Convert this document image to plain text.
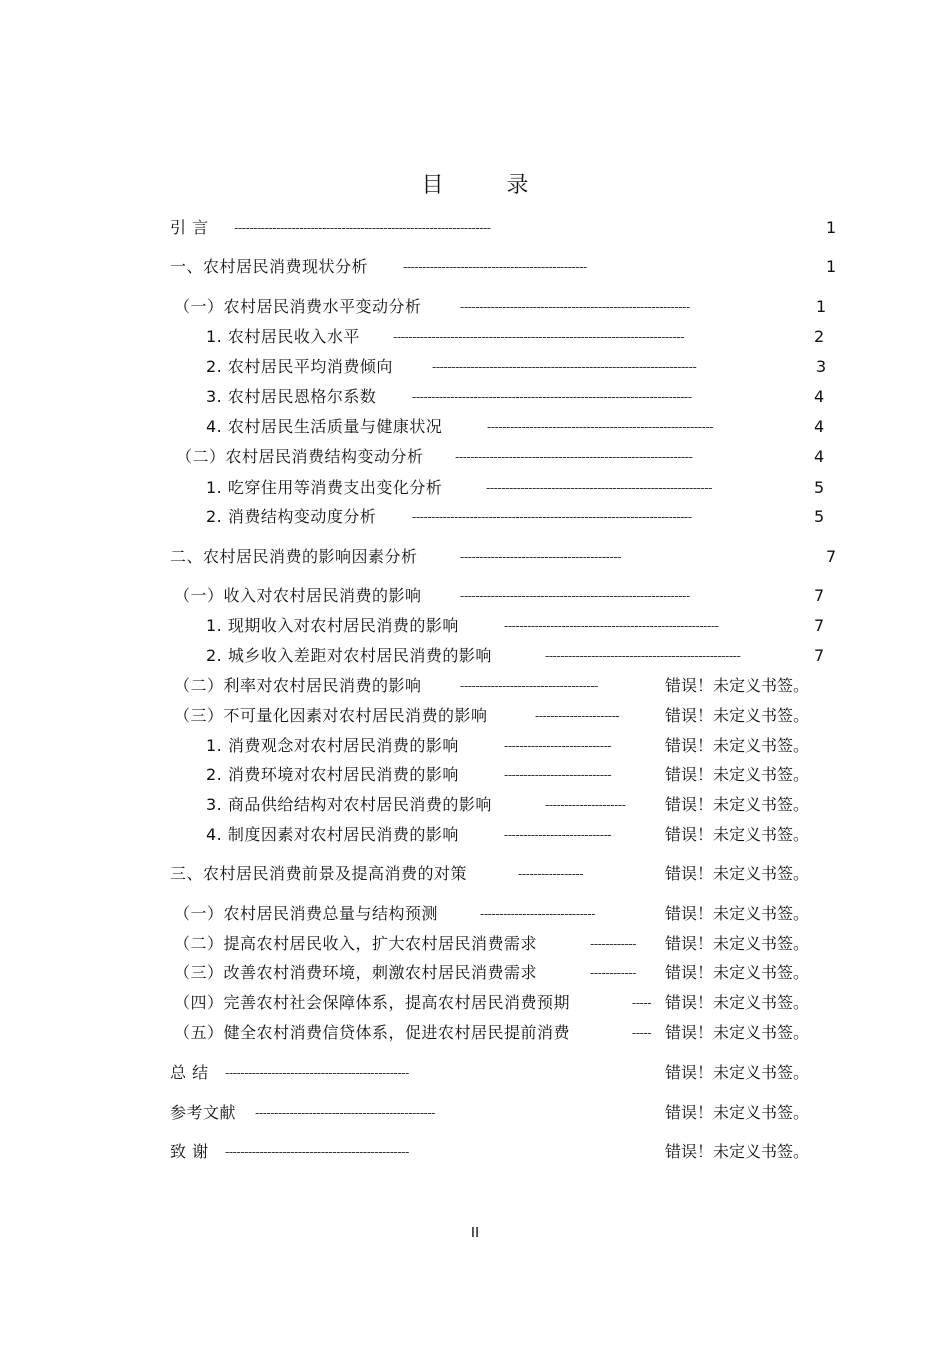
目 录
引 言 -------------------------------------------------------------------	1
一、农村居民消费现状分析	------------------------------------------------	1
（一）农村居民消费水平变动分析	------------------------------------------------------------	1
1. 农村居民收入水平	----------------------------------------------------------------------------	2
2. 农村居民平均消费倾向	---------------------------------------------------------------------	3
3. 农村居民恩格尔系数	-------------------------------------------------------------------------	4
4. 农村居民生活质量与健康状况	-----------------------------------------------------------	4
（二）农村居民消费结构变动分析	--------------------------------------------------------------	4
1. 吃穿住用等消费支出变化分析	-----------------------------------------------------------	5
2. 消费结构变动度分析	-------------------------------------------------------------------------	5
二、农村居民消费的影响因素分析	------------------------------------------	7
（一）收入对农村居民消费的影响	------------------------------------------------------------	7
1. 现期收入对农村居民消费的影响	--------------------------------------------------------	7
2. 城乡收入差距对农村居民消费的影响	---------------------------------------------------	7
（二）利率对农村居民消费的影响	------------------------------------	错误！未定义书签。
（三）不可量化因素对农村居民消费的影响	----------------------	错误！未定义书签。
1. 消费观念对农村居民消费的影响	----------------------------	错误！未定义书签。
2. 消费环境对农村居民消费的影响	----------------------------	错误！未定义书签。
3. 商品供给结构对农村居民消费的影响	---------------------	错误！未定义书签。
4. 制度因素对农村居民消费的影响	----------------------------	错误！未定义书签。
三、农村居民消费前景及提高消费的对策	-----------------	错误！未定义书签。
（一）农村居民消费总量与结构预测	------------------------------	错误！未定义书签。
（二）提高农村居民收入，扩大农村居民消费需求	------------	错误！未定义书签。
（三）改善农村消费环境，刺激农村居民消费需求	------------	错误！未定义书签。
（四）完善农村社会保障体系，提高农村居民消费预期	----- 错误！未定义书签。
（五）健全农村消费信贷体系，促进农村居民提前消费	----- 错误！未定义书签。
总 结 ------------------------------------------------	错误！未定义书签。
参考文献 -----------------------------------------------	错误！未定义书签。
致 谢 ------------------------------------------------	错误！未定义书签。
II
